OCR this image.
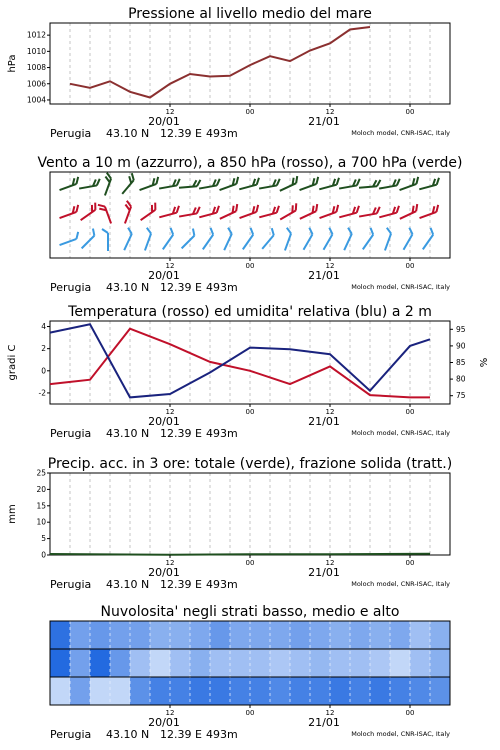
Pressione al livello medio del mare
1004
1006
1008
1010
1012
hPa
12
20/01
00	12
21/01
00
Perugia 43.10 N 12.39 E 493m	Moloch model, CNR-ISAC, Italy
Vento a 10 m (azzurro), a 850 hPa (rosso), a 700 hPa (verde)
12
20/01
00	12
21/01
00
Perugia 43.10 N 12.39 E 493m	Moloch model, CNR-ISAC, Italy
Temperatura (rosso) ed umidita' relativa (blu) a 2 m
4
2
0
-2
95
90
85
80
75
gradi C	%
12
20/01
00	12
21/01
00
Perugia 43.10 N 12.39 E 493m	Moloch model, CNR-ISAC, Italy
Precip. acc. in 3 ore: totale (verde), frazione solida (tratt.)
0
5
10
15
20
25
mm
12
20/01
00	12
21/01
00
Perugia 43.10 N 12.39 E 493m	Moloch model, CNR-ISAC, Italy
Nuvolosita' negli strati basso, medio e alto
12
20/01
00	12
21/01
00
Perugia 43.10 N 12.39 E 493m	Moloch model, CNR-ISAC, Italy
